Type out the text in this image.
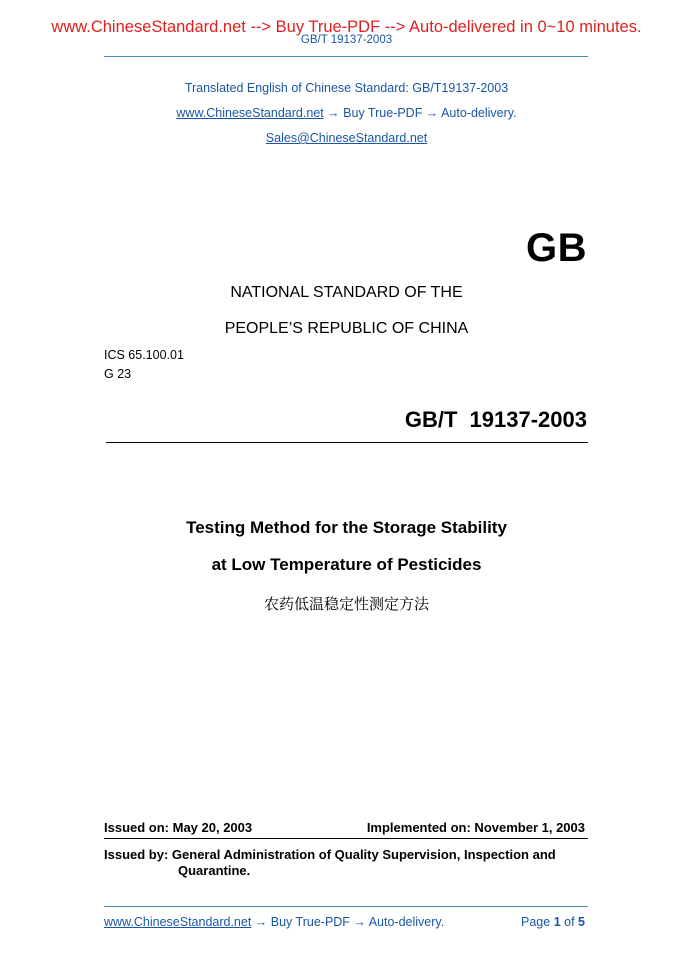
www.ChineseStandard.net --> Buy True-PDF --> Auto-delivered in 0~10 minutes.
GB/T 19137-2003
Translated English of Chinese Standard: GB/T19137-2003
www.ChineseStandard.net → Buy True-PDF → Auto-delivery.
Sales@ChineseStandard.net
GB
NATIONAL STANDARD OF THE
PEOPLE’S REPUBLIC OF CHINA
ICS 65.100.01
G 23
GB/T 19137-2003
Testing Method for the Storage Stability
at Low Temperature of Pesticides
农药低温稳定性测定方法
Issued on: May 20, 2003	Implemented on: November 1, 2003
Issued by: General Administration of Quality Supervision, Inspection and
Quarantine.
www.ChineseStandard.net → Buy True-PDF → Auto-delivery.	Page 1 of 5
